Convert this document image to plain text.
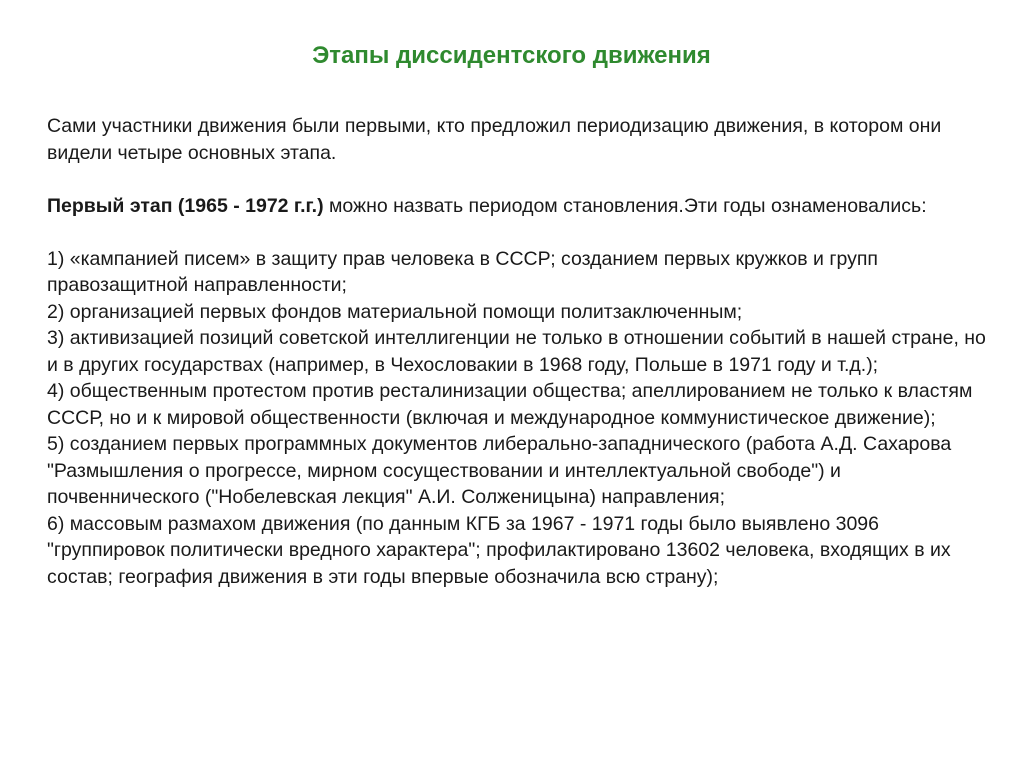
Этапы диссидентского движения

Сами участники движения были первыми, кто предложил периодизацию движения, в котором они видели четыре основных этапа.

Первый этап (1965 - 1972 г.г.) можно назвать периодом становления.Эти годы ознаменовались:

1) «кампанией писем» в защиту прав человека в СССР; созданием первых кружков и групп правозащитной направленности;

2) организацией первых фондов материальной помощи политзаключенным;

3) активизацией позиций советской интеллигенции не только в отношении событий в нашей стране, но и в других государствах (например, в Чехословакии в 1968 году, Польше в 1971 году и т.д.);

4) общественным протестом против ресталинизации общества; апеллированием не только к властям СССР, но и к мировой общественности (включая и международное коммунистическое движение);

5) созданием первых программных документов либерально-западнического (работа А.Д. Сахарова "Размышления о прогрессе, мирном сосуществовании и интеллектуальной свободе") и почвеннического ("Нобелевская лекция" А.И. Солженицына) направления;

6) массовым размахом движения (по данным КГБ за 1967 - 1971 годы было выявлено 3096 "группировок политически вредного характера"; профилактировано 13602 человека, входящих в их состав; география движения в эти годы впервые обозначила всю страну);
